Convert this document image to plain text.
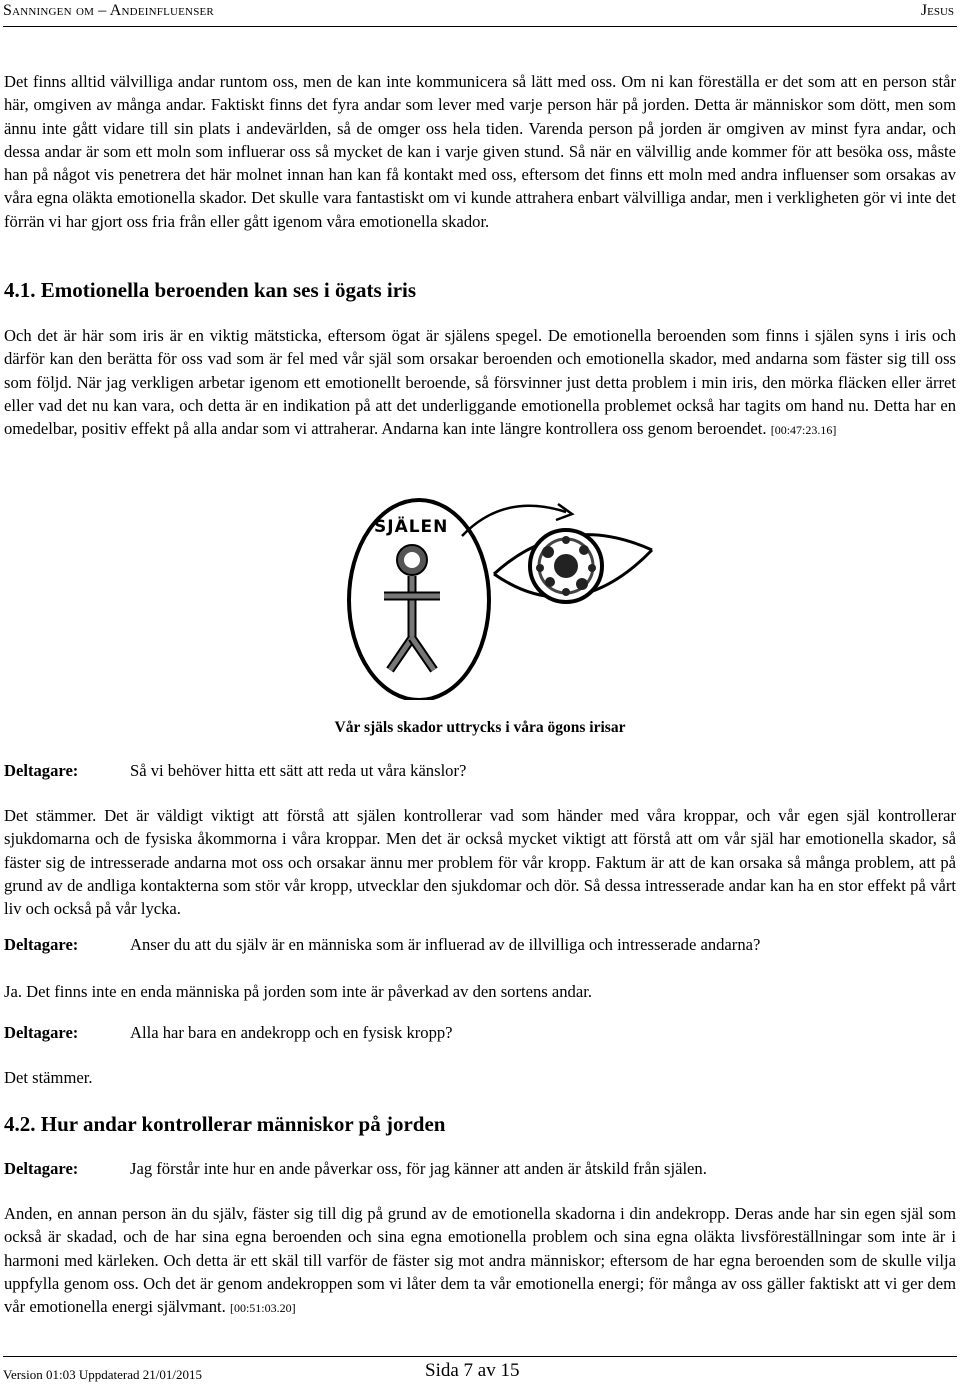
Sanningen om – Andeinfluenser	Jesus

Det finns alltid välvilliga andar runtom oss, men de kan inte kommunicera så lätt med oss. Om ni kan föreställa er det som att en person står här, omgiven av många andar. Faktiskt finns det fyra andar som lever med varje person här på jorden. Detta är människor som dött, men som ännu inte gått vidare till sin plats i andevärlden, så de omger oss hela tiden. Varenda person på jorden är omgiven av minst fyra andar, och dessa andar är som ett moln som influerar oss så mycket de kan i varje given stund. Så när en välvillig ande kommer för att besöka oss, måste han på något vis penetrera det här molnet innan han kan få kontakt med oss, eftersom det finns ett moln med andra influenser som orsakas av våra egna oläkta emotionella skador. Det skulle vara fantastiskt om vi kunde attrahera enbart välvilliga andar, men i verkligheten gör vi inte det förrän vi har gjort oss fria från eller gått igenom våra emotionella skador.

4.1. Emotionella beroenden kan ses i ögats iris

Och det är här som iris är en viktig mätsticka, eftersom ögat är själens spegel. De emotionella beroenden som finns i själen syns i iris och därför kan den berätta för oss vad som är fel med vår själ som orsakar beroenden och emotionella skador, med andarna som fäster sig till oss som följd. När jag verkligen arbetar igenom ett emotionellt beroende, så försvinner just detta problem i min iris, den mörka fläcken eller ärret eller vad det nu kan vara, och detta är en indikation på att det underliggande emotionella problemet också har tagits om hand nu. Detta har en omedelbar, positiv effekt på alla andar som vi attraherar. Andarna kan inte längre kontrollera oss genom beroendet. [00:47:23.16]

SJÄLEN
Vår själs skador uttrycks i våra ögons irisar
Deltagare:	Så vi behöver hitta ett sätt att reda ut våra känslor?

Det stämmer. Det är väldigt viktigt att förstå att själen kontrollerar vad som händer med våra kroppar, och vår egen själ kontrollerar sjukdomarna och de fysiska åkommorna i våra kroppar. Men det är också mycket viktigt att förstå att om vår själ har emotionella skador, så fäster sig de intresserade andarna mot oss och orsakar ännu mer problem för vår kropp. Faktum är att de kan orsaka så många problem, att på grund av de andliga kontakterna som stör vår kropp, utvecklar den sjukdomar och dör. Så dessa intresserade andar kan ha en stor effekt på vårt liv och också på vår lycka.

Deltagare:	Anser du att du själv är en människa som är influerad av de illvilliga och intresserade andarna?

Ja. Det finns inte en enda människa på jorden som inte är påverkad av den sortens andar.

Deltagare:	Alla har bara en andekropp och en fysisk kropp?

Det stämmer.

4.2. Hur andar kontrollerar människor på jorden
Deltagare:	Jag förstår inte hur en ande påverkar oss, för jag känner att anden är åtskild från själen.

Anden, en annan person än du själv, fäster sig till dig på grund av de emotionella skadorna i din andekropp. Deras ande har sin egen själ som också är skadad, och de har sina egna beroenden och sina egna emotionella problem och sina egna oläkta livsföreställningar som inte är i harmoni med kärleken. Och detta är ett skäl till varför de fäster sig mot andra människor; eftersom de har egna beroenden som de skulle vilja uppfylla genom oss. Och det är genom andekroppen som vi låter dem ta vår emotionella energi; för många av oss gäller faktiskt att vi ger dem vår emotionella energi självmant. [00:51:03.20]

Version 01:03 Uppdaterad 21/01/2015	Sida 7 av 15
